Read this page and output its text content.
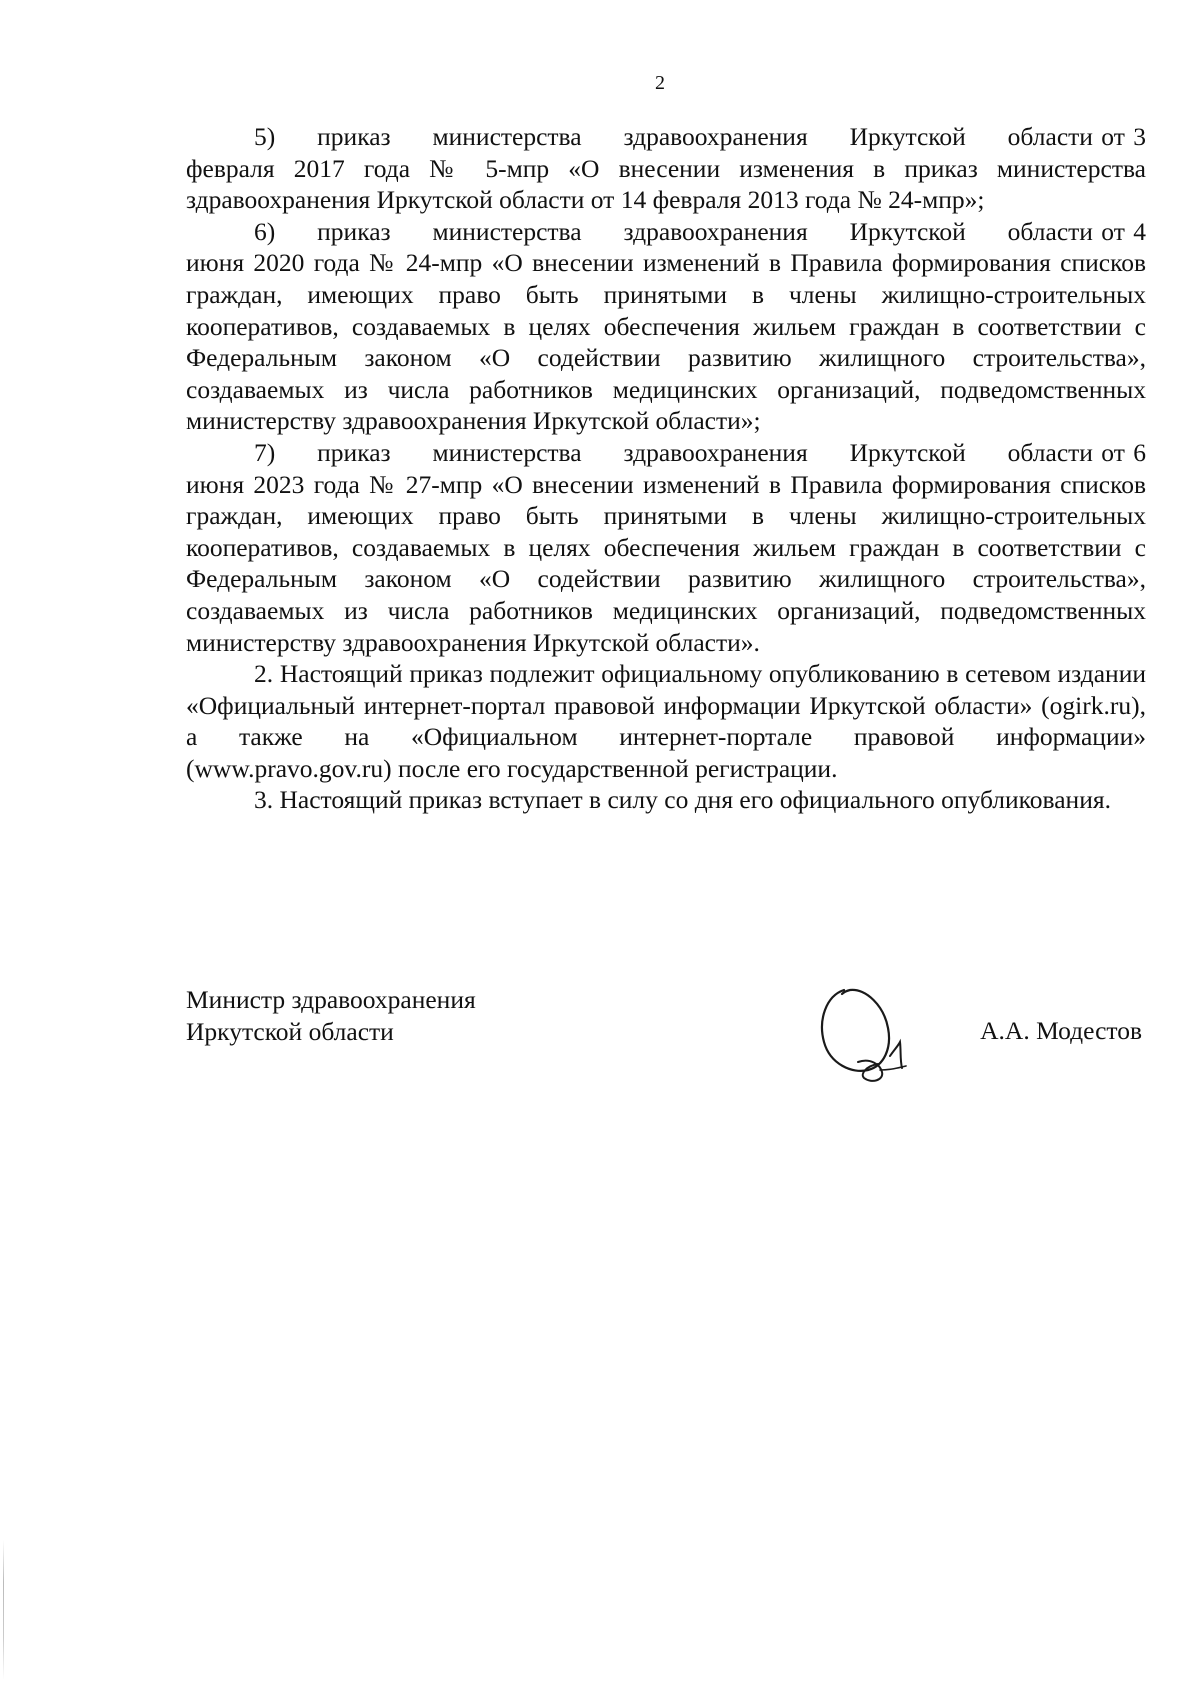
2

5)     приказ     министерства     здравоохранения     Иркутской     области от 3 февраля 2017 года № 5-мпр «О внесении изменения в приказ министерства здравоохранения Иркутской области от 14 февраля 2013 года № 24-мпр»;

6)     приказ     министерства     здравоохранения     Иркутской     области от 4 июня 2020 года № 24-мпр «О внесении изменений в Правила формирования списков граждан, имеющих право быть принятыми в члены жилищно-строительных кооперативов, создаваемых в целях обеспечения жильем граждан в соответствии с Федеральным законом «О содействии развитию жилищного строительства», создаваемых из числа работников медицинских организаций, подведомственных министерству здравоохранения Иркутской области»;

7)     приказ     министерства     здравоохранения     Иркутской     области от 6 июня 2023 года № 27-мпр «О внесении изменений в Правила формирования списков граждан, имеющих право быть принятыми в члены жилищно-строительных кооперативов, создаваемых в целях обеспечения жильем граждан в соответствии с Федеральным законом «О содействии развитию жилищного строительства», создаваемых из числа работников медицинских организаций, подведомственных министерству здравоохранения Иркутской области».

2. Настоящий приказ подлежит официальному опубликованию в сетевом издании «Официальный интернет-портал правовой информации Иркутской области» (ogirk.ru), а также на «Официальном интернет-портале правовой информации» (www.pravo.gov.ru) после его государственной регистрации.

3. Настоящий приказ вступает в силу со дня его официального опубликования.

Министр здравоохранения
Иркутской области	А.А. Модестов
